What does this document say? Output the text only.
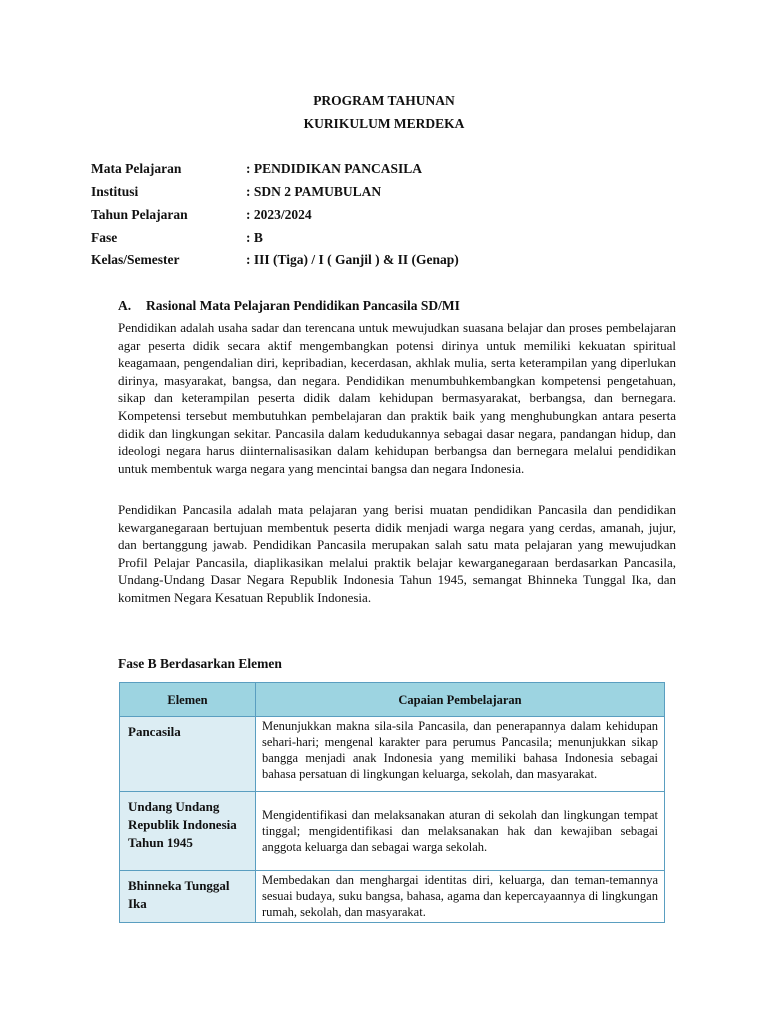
PROGRAM TAHUNAN
KURIKULUM MERDEKA
Mata Pelajaran	: PENDIDIKAN PANCASILA
Institusi	: SDN 2 PAMUBULAN
Tahun Pelajaran	: 2023/2024
Fase	: B
Kelas/Semester	: III (Tiga) / I ( Ganjil ) & II (Genap)
A. Rasional Mata Pelajaran Pendidikan Pancasila SD/MI

Pendidikan adalah usaha sadar dan terencana untuk mewujudkan suasana belajar dan proses pembelajaran agar peserta didik secara aktif mengembangkan potensi dirinya untuk memiliki kekuatan spiritual keagamaan, pengendalian diri, kepribadian, kecerdasan, akhlak mulia, serta keterampilan yang diperlukan dirinya, masyarakat, bangsa, dan negara. Pendidikan menumbuhkembangkan kompetensi pengetahuan, sikap dan keterampilan peserta didik dalam kehidupan bermasyarakat, berbangsa, dan bernegara. Kompetensi tersebut membutuhkan pembelajaran dan praktik baik yang menghubungkan antara peserta didik dan lingkungan sekitar. Pancasila dalam kedudukannya sebagai dasar negara, pandangan hidup, dan ideologi negara harus diinternalisasikan dalam kehidupan berbangsa dan bernegara melalui pendidikan untuk membentuk warga negara yang mencintai bangsa dan negara Indonesia.

Pendidikan Pancasila adalah mata pelajaran yang berisi muatan pendidikan Pancasila dan pendidikan kewarganegaraan bertujuan membentuk peserta didik menjadi warga negara yang cerdas, amanah, jujur, dan bertanggung jawab. Pendidikan Pancasila merupakan salah satu mata pelajaran yang mewujudkan Profil Pelajar Pancasila, diaplikasikan melalui praktik belajar kewarganegaraan berdasarkan Pancasila, Undang-Undang Dasar Negara Republik Indonesia Tahun 1945, semangat Bhinneka Tunggal Ika, dan komitmen Negara Kesatuan Republik Indonesia.

Fase B Berdasarkan Elemen
Elemen	Capaian Pembelajaran
Pancasila	Menunjukkan makna sila-sila Pancasila, dan penerapannya dalam kehidupan sehari-hari; mengenal karakter para perumus Pancasila; menunjukkan sikap bangga menjadi anak Indonesia yang memiliki bahasa Indonesia sebagai bahasa persatuan di lingkungan keluarga, sekolah, dan masyarakat.
Undang Undang Republik Indonesia Tahun 1945	Mengidentifikasi dan melaksanakan aturan di sekolah dan lingkungan tempat tinggal; mengidentifikasi dan melaksanakan hak dan kewajiban sebagai anggota keluarga dan sebagai warga sekolah.
Bhinneka Tunggal Ika	Membedakan dan menghargai identitas diri, keluarga, dan teman-temannya sesuai budaya, suku bangsa, bahasa, agama dan kepercayaannya di lingkungan rumah, sekolah, dan masyarakat.
